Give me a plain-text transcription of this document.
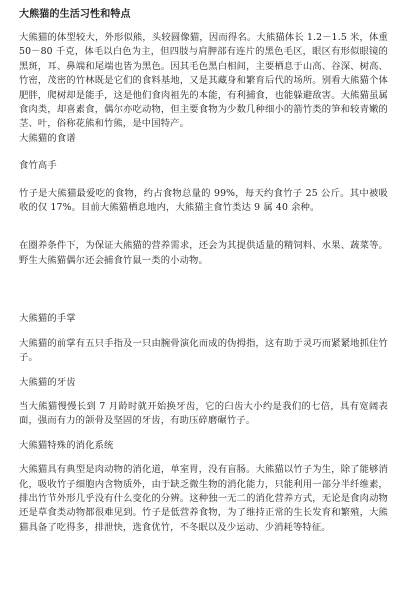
大熊猫的生活习性和特点

大熊猫的体型较大，外形似熊，头较圆像猫，因而得名。大熊猫体长 1.2－1.5 米，体重 50－80 千克，体毛以白色为主，但四肢与肩胛部有连片的黑色毛区，眼区有形似眼镜的黑斑，耳、鼻端和尾端也皆为黑色。因其毛色黑白相间，主要栖息于山高、谷深、树高、竹密，茂密的竹林既是它们的食料基地，又是其藏身和繁育后代的场所。别看大熊猫个体肥胖，爬树却是能手，这是他们食肉祖先的本能，有利捕食，也能躲避敌害。大熊猫虽属食肉类，却喜素食，偶尔亦吃动物，但主要食物为少数几种细小的箭竹类的笋和较青嫩的茎、叶，俗称花熊和竹熊，是中国特产。

大熊猫的食谱

食竹高手

竹子是大熊猫最爱吃的食物，约占食物总量的 99%，每天约食竹子 25 公斤。其中被吸收的仅 17%。目前大熊猫栖息地内，大熊猫主食竹类达 9 属 40 余种。

在圈养条件下，为保证大熊猫的营养需求，还会为其提供适量的精饲料、水果、蔬菜等。野生大熊猫偶尔还会捕食竹鼠一类的小动物。

大熊猫的手掌

大熊猫的前掌有五只手指及一只由腕骨演化而成的伪拇指，这有助于灵巧而紧紧地抓住竹子。

大熊猫的牙齿

当大熊猫慢慢长到 7 月龄时就开始换牙齿，它的臼齿大小约是我们的七倍，具有宽阔表面，强而有力的颌骨及坚固的牙齿，有助压碎磨碾竹子。

大熊猫特殊的消化系统

大熊猫具有典型是肉动物的消化道，单室胃，没有盲肠。大熊猫以竹子为生，除了能够消化，吸收竹子细胞内含物质外，由于缺乏微生物的消化能力，只能利用一部分半纤维素，排出竹节外形几乎没有什么变化的分辨。这种独一无二的消化营养方式，无论是食肉动物还是草食类动物都很难见到。竹子是低营养食物，为了维持正常的生长发育和繁殖，大熊猫具备了吃得多，排泄快，选食优竹，不冬眠以及少运动、少消耗等特征。
